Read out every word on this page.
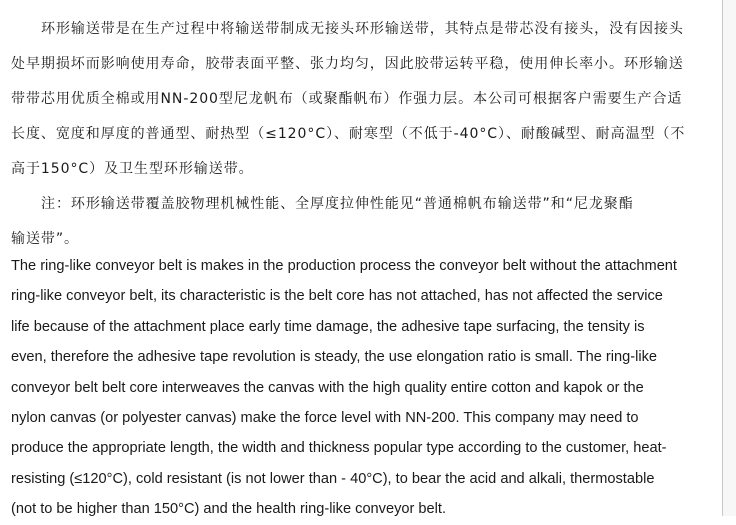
环形输送带是在生产过程中将输送带制成无接头环形输送带，其特点是带芯没有接头，没有因接头
处早期损坏而影响使用寿命，胶带表面平整、张力均匀，因此胶带运转平稳，使用伸长率小。环形输送
带带芯用优质全棉或用NN-200型尼龙帆布（或聚酯帆布）作强力层。本公司可根据客户需要生产合适
长度、宽度和厚度的普通型、耐热型（≤120°C）、耐寒型（不低于-40°C）、耐酸碱型、耐高温型（不
高于150°C）及卫生型环形输送带。
注：环形输送带覆盖胶物理机械性能、全厚度拉伸性能见“普通棉帆布输送带”和“尼龙聚酯
输送带”。
The ring-like conveyor belt is makes in the production process the conveyor belt without the attachment
ring-like conveyor belt, its characteristic is the belt core has not attached, has not affected the service
life because of the attachment place early time damage, the adhesive tape surfacing, the tensity is
even, therefore the adhesive tape revolution is steady, the use elongation ratio is small. The ring-like
conveyor belt belt core interweaves the canvas with the high quality entire cotton and kapok or the
nylon canvas (or polyester canvas) make the force level with NN-200. This company may need to
produce the appropriate length, the width and thickness popular type according to the customer, heat-
resisting (≤120°C), cold resistant (is not lower than - 40°C), to bear the acid and alkali, thermostable
(not to be higher than 150°C) and the health ring-like conveyor belt.
